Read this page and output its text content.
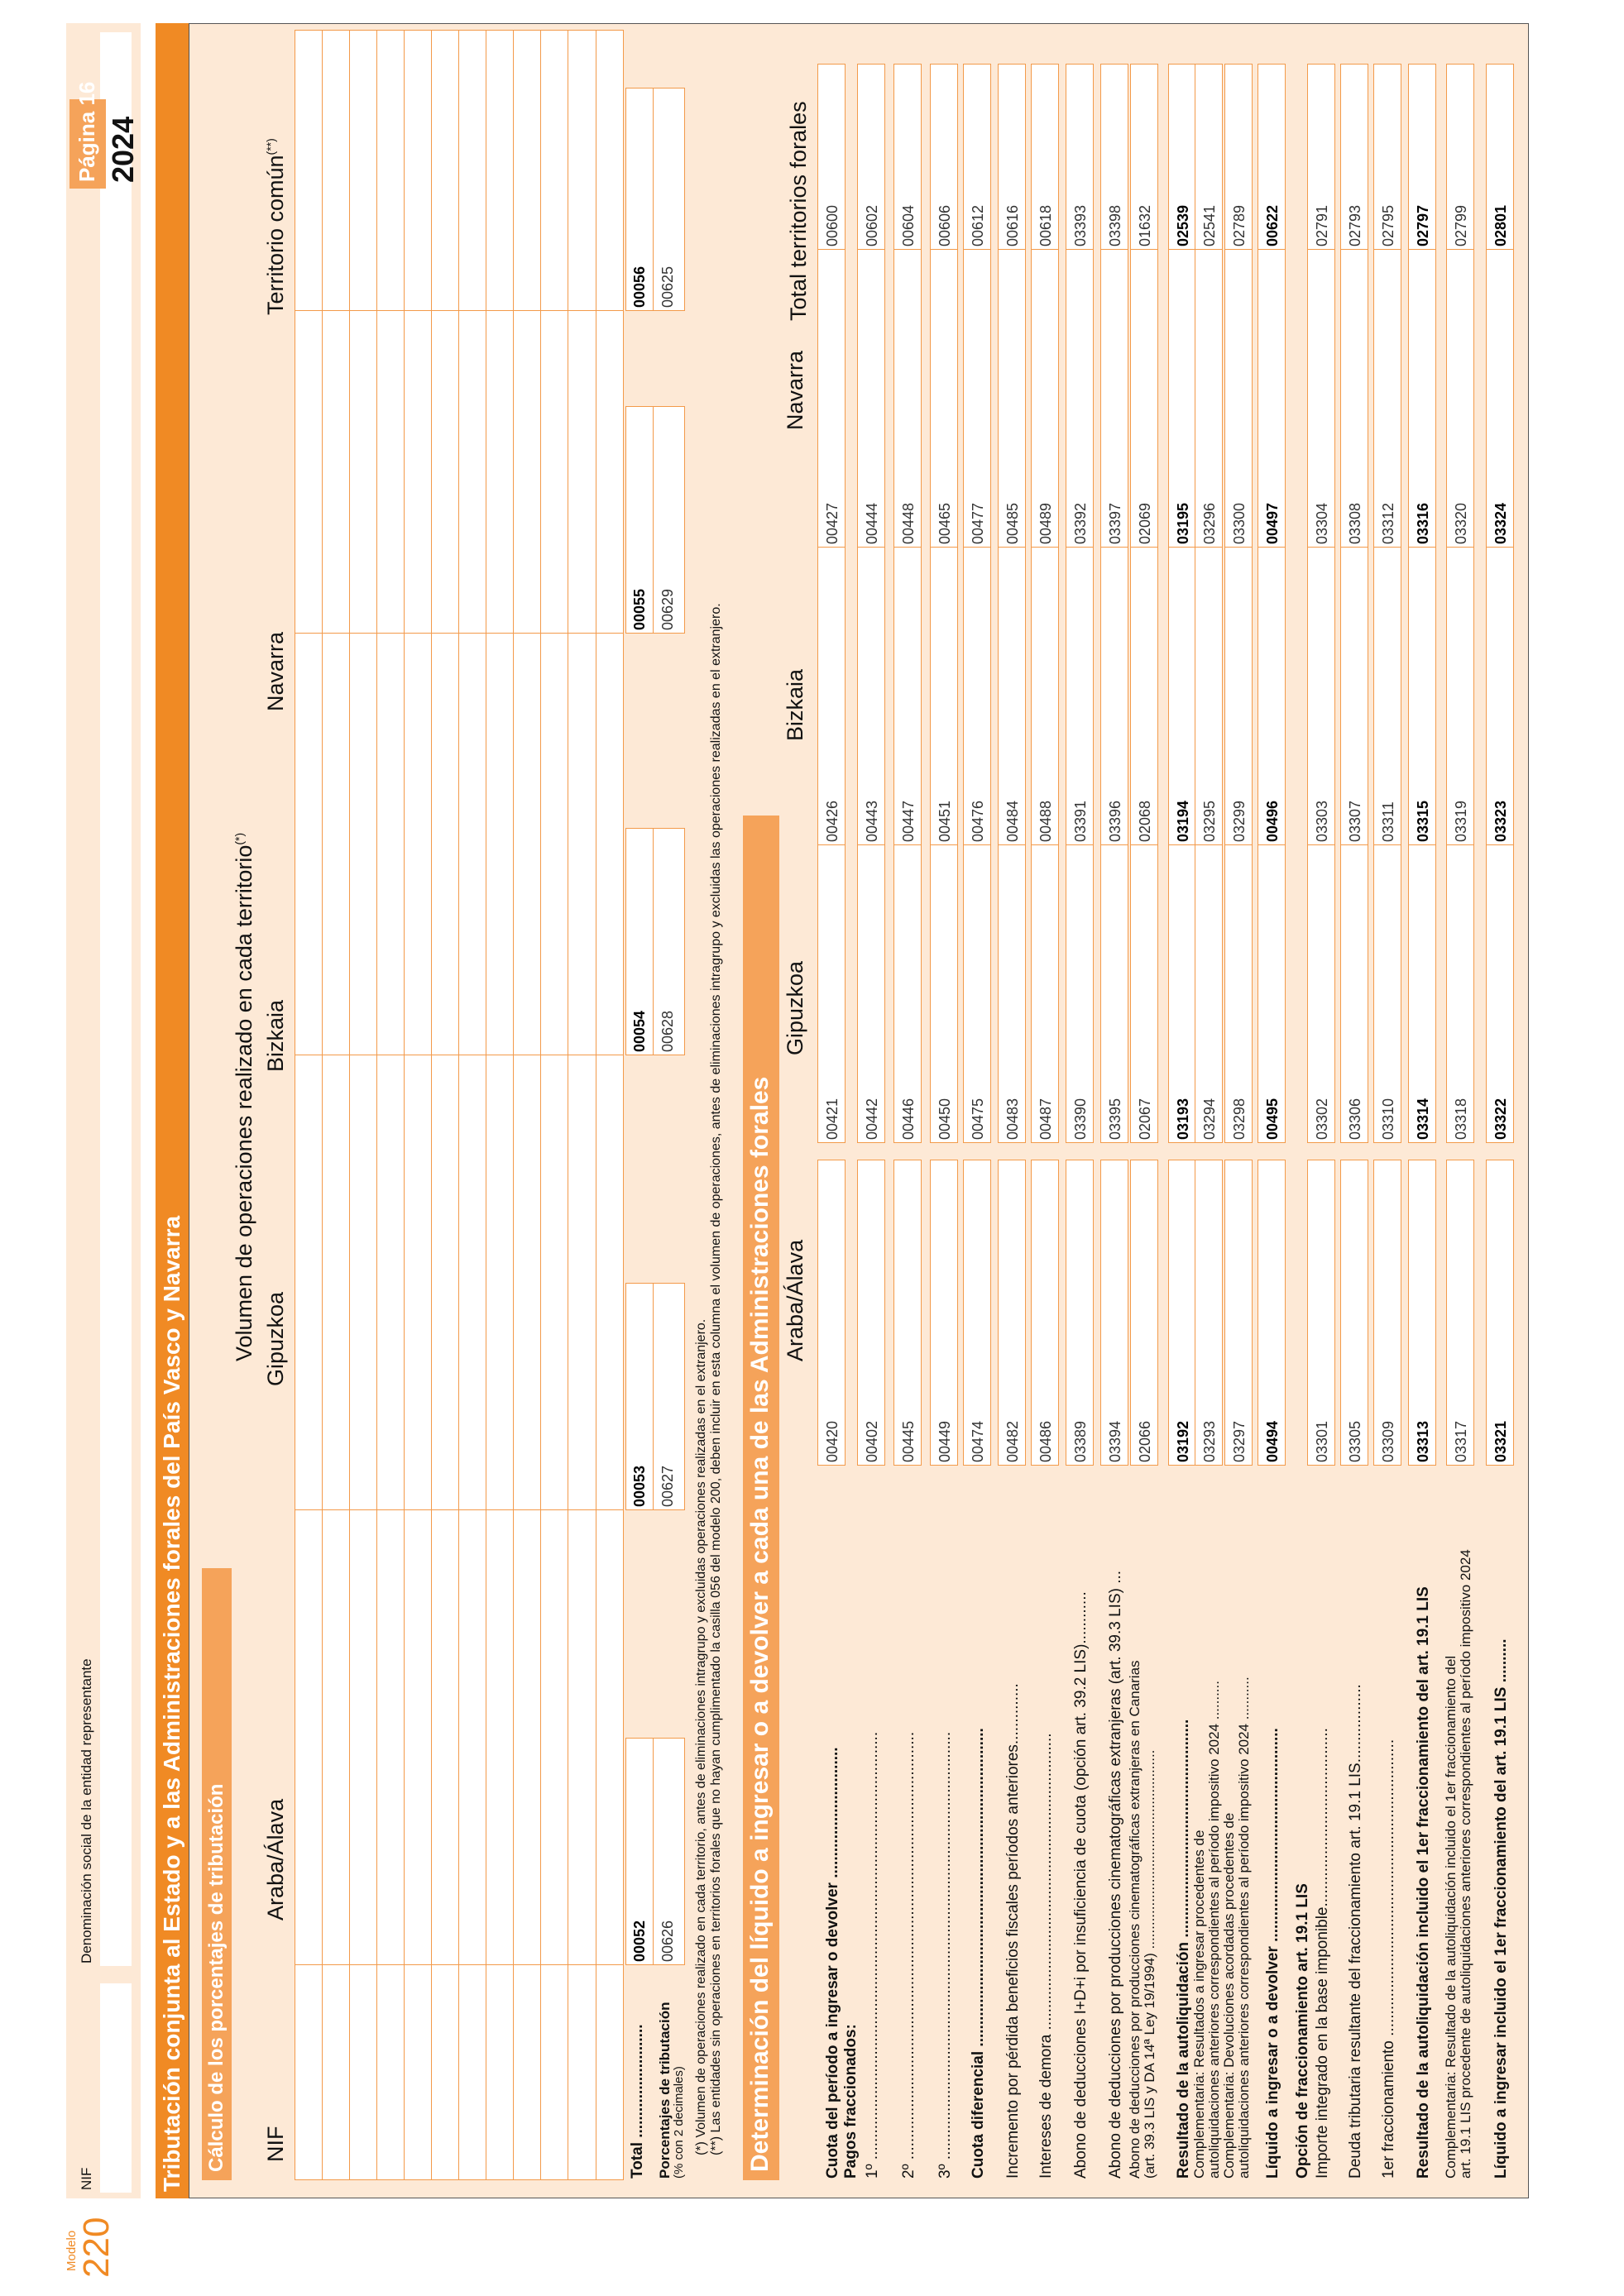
Modelo
220
NIF
Denominación social de la entidad representante
2024
Página 16
Tributación conjunta al Estado y a las Administraciones forales del País Vasco y Navarra Cálculo de los porcentajes de tributación
Volumen de operaciones realizado en cada territorio(*)
NIF
Araba/Álava
Gipuzkoa
Bizkaia
Navarra
Territorio común(**)
Total .......................... Porcentajes de tributación (% con 2 decimales)
00052 00626
00053 00627
00054 00628
00055 00629
00056 00625
(*) Volumen de operaciones realizado en cada territorio, antes de eliminaciones intragrupo y excluidas operaciones realizadas en el extranjero. (**) Las entidades sin operaciones en territorios forales que no hayan cumplimentado la casilla 056 del modelo 200, deben incluir en esta columna el volumen de operaciones, antes de eliminaciones intragrupo y excluidas las operaciones realizadas en el extranjero. Determinación del líquido a ingresar o a devolver a cada una de las Administraciones forales Araba/Álava
Gipuzkoa
Bizkaia
Navarra
Total territorios forales
Cuota del período a ingresar o devolver ..............................
00420
00421
00426
00427
00600
Pagos fraccionados: 1º ..................................................................................................
00402
00442
00443
00444
00602
2º ..................................................................................................
00445
00446
00447
00448
00604
3º ..................................................................................................
00449
00450
00451
00465
00606
Cuota diferencial .........................................................................
00474
00475
00476
00477
00612
Incremento por pérdida beneficios fiscales períodos anteriores..............
00482
00483
00484
00485
00616
Intereses de demora ....................................................................
00486
00487
00488
00489
00618
Abono de deducciones I+D+i por insuficiencia de cuota (opción art. 39.2 LIS)............
03389
03390
03391
03392
03393
Abono de deducciones por producciones cinematográficas extranjeras (art. 39.3 LIS) ...
03394
03395
03396
03397
03398
Abono de deducciones por producciones cinematográficas extranjeras en Canarias (art. 39.3 LIS y DA 14ª Ley 19/1994) ...................................................
02066
02067
02068
02069
01632
Resultado de la autoliquidación ..................................................
03192
03193
03194
03195
02539
Complementaria: Resultados a ingresar procedentes de autoliquidaciones anteriores correspondientes al período impositivo 2024 ..........
03293
03294
03295
03296
02541
Complementaria: Devoluciones acordadas procedentes de autoliquidaciones anteriores correspondientes al período impositivo 2024 ...........
03297
03298
03299
03300
02789
Líquido a ingresar o a devolver .................................................
00494
00495
00496
00497
00622
Opción de fraccionamiento art. 19.1 LIS Importe integrado en la base imponible.........................................
03301
03302
03303
03304
02791
Deuda tributaria resultante del fraccionamiento art. 19.1 LIS..................
03305
03306
03307
03308
02793
1er fraccionamiento ....................................................................
03309
03310
03311
03312
02795
Resultado de la autoliquidación incluido el 1er fraccionamiento del art. 19.1 LIS
03313
03314
03315
03316
02797
Complementaria: Resultado de la autoliquidación incluido el 1er fraccionamiento del art. 19.1 LIS procedente de autoliquidaciones anteriores correspondientes al período impositivo 2024
03317
03318
03319
03320
02799
Líquido a ingresar incluido el 1er fraccionamiento del art. 19.1 LIS ..........
03321
03322
03323
03324
02801
